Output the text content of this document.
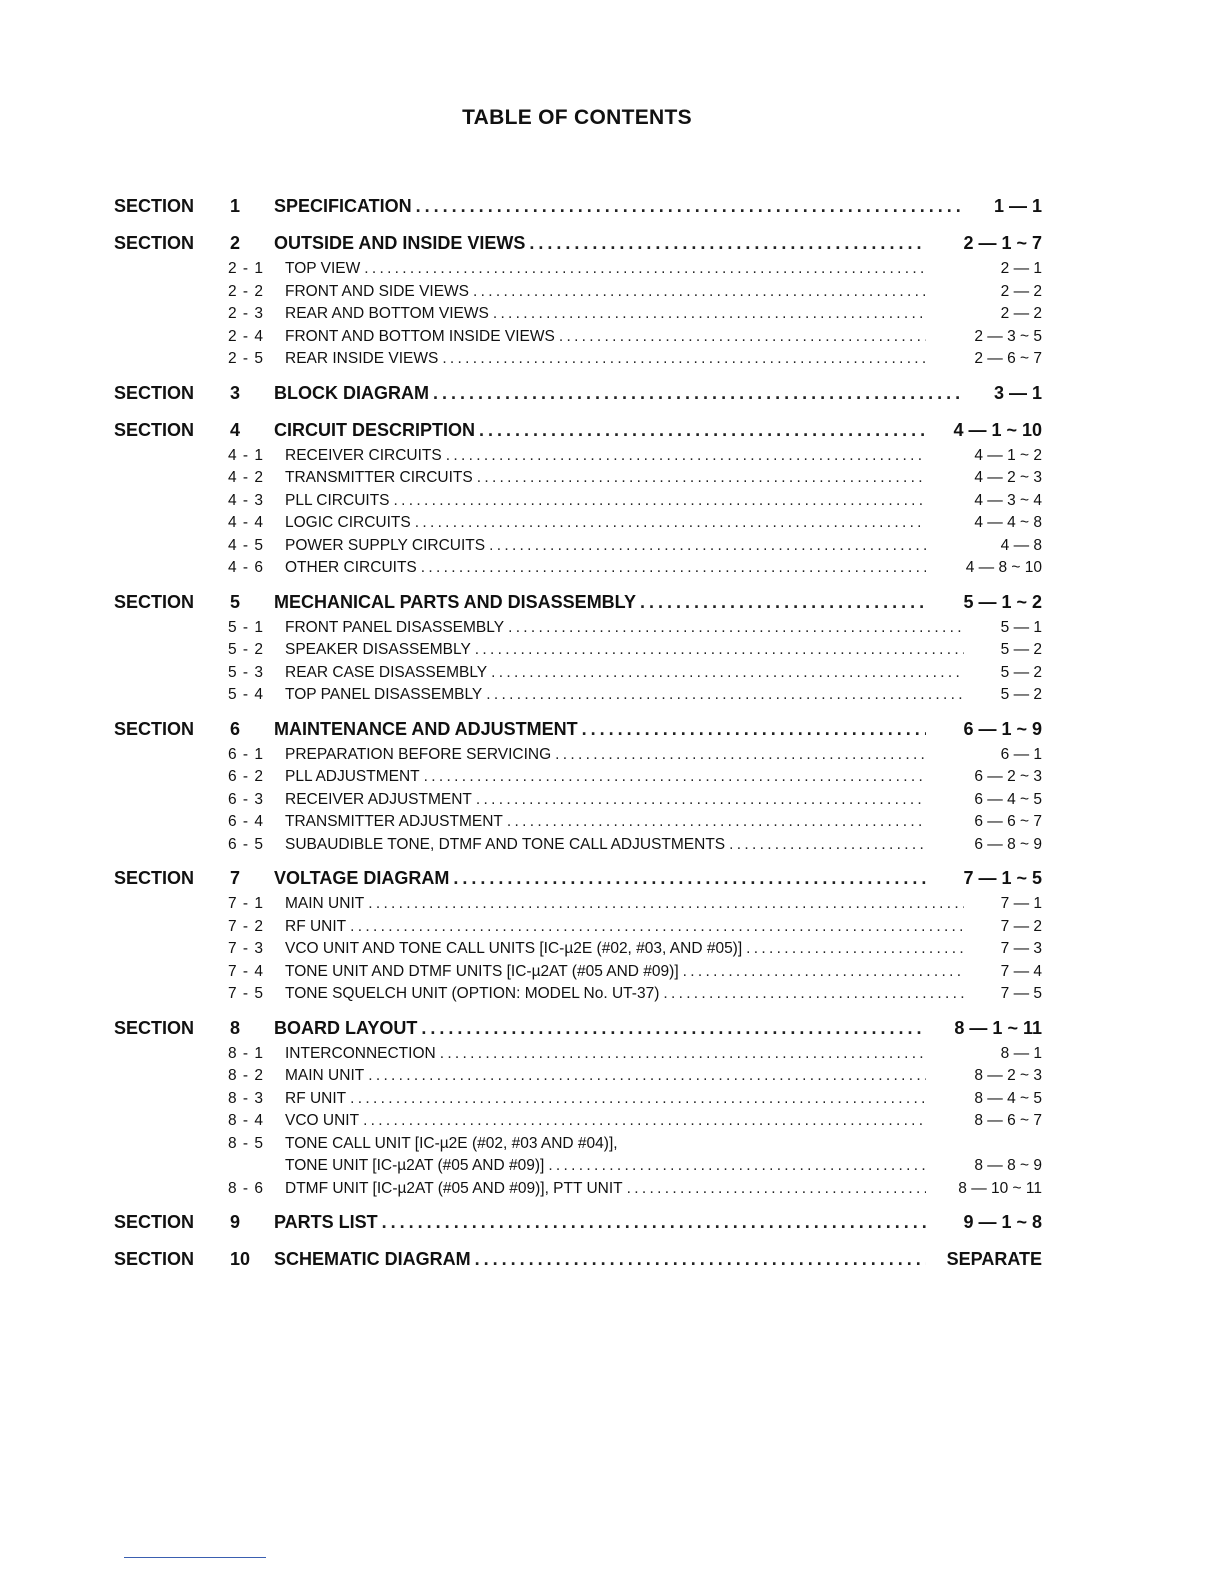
TABLE OF CONTENTS
SECTION	1	SPECIFICATION . . .	1 — 1
SECTION	2	OUTSIDE AND INSIDE VIEWS . . .	2 — 1 ~ 7
2 - 1	TOP VIEW . . .	2 — 1
2 - 2	FRONT AND SIDE VIEWS . . .	2 — 2
2 - 3	REAR AND BOTTOM VIEWS . . .	2 — 2
2 - 4	FRONT AND BOTTOM INSIDE VIEWS . . .	2 — 3 ~ 5
2 - 5	REAR INSIDE VIEWS . . .	2 — 6 ~ 7
SECTION	3	BLOCK DIAGRAM . . .	3 — 1
SECTION	4	CIRCUIT DESCRIPTION . . .	4 — 1 ~ 10
4 - 1	RECEIVER CIRCUITS . . .	4 — 1 ~ 2
4 - 2	TRANSMITTER CIRCUITS . . .	4 — 2 ~ 3
4 - 3	PLL CIRCUITS . . .	4 — 3 ~ 4
4 - 4	LOGIC CIRCUITS . . .	4 — 4 ~ 8
4 - 5	POWER SUPPLY CIRCUITS . . .	4 — 8
4 - 6	OTHER CIRCUITS . . .	4 — 8 ~ 10
SECTION	5	MECHANICAL PARTS AND DISASSEMBLY . . .	5 — 1 ~ 2
5 - 1	FRONT PANEL DISASSEMBLY . . .	5 — 1
5 - 2	SPEAKER DISASSEMBLY . . .	5 — 2
5 - 3	REAR CASE DISASSEMBLY . . .	5 — 2
5 - 4	TOP PANEL DISASSEMBLY . . .	5 — 2
SECTION	6	MAINTENANCE AND ADJUSTMENT . . .	6 — 1 ~ 9
6 - 1	PREPARATION BEFORE SERVICING . . .	6 — 1
6 - 2	PLL ADJUSTMENT . . .	6 — 2 ~ 3
6 - 3	RECEIVER ADJUSTMENT . . .	6 — 4 ~ 5
6 - 4	TRANSMITTER ADJUSTMENT . . .	6 — 6 ~ 7
6 - 5	SUBAUDIBLE TONE, DTMF AND TONE CALL ADJUSTMENTS . . .	6 — 8 ~ 9
SECTION	7	VOLTAGE DIAGRAM . . .	7 — 1 ~ 5
7 - 1	MAIN UNIT . . .	7 — 1
7 - 2	RF UNIT . . .	7 — 2
7 - 3	VCO UNIT AND TONE CALL UNITS [IC-µ2E (#02, #03, AND #05)] . . .	7 — 3
7 - 4	TONE UNIT AND DTMF UNITS [IC-µ2AT (#05 AND #09)] . . .	7 — 4
7 - 5	TONE SQUELCH UNIT (OPTION: MODEL No. UT-37) . . .	7 — 5
SECTION	8	BOARD LAYOUT . . .	8 — 1 ~ 11
8 - 1	INTERCONNECTION . . .	8 — 1
8 - 2	MAIN UNIT . . .	8 — 2 ~ 3
8 - 3	RF UNIT . . .	8 — 4 ~ 5
8 - 4	VCO UNIT . . .	8 — 6 ~ 7
8 - 5	TONE CALL UNIT [IC-µ2E (#02, #03 AND #04)],
TONE UNIT [IC-µ2AT (#05 AND #09)] . . .	8 — 8 ~ 9
8 - 6	DTMF UNIT [IC-µ2AT (#05 AND #09)], PTT UNIT . . .	8 — 10 ~ 11
SECTION	9	PARTS LIST . . .	9 — 1 ~ 8
SECTION	10	SCHEMATIC DIAGRAM . . .	SEPARATE
